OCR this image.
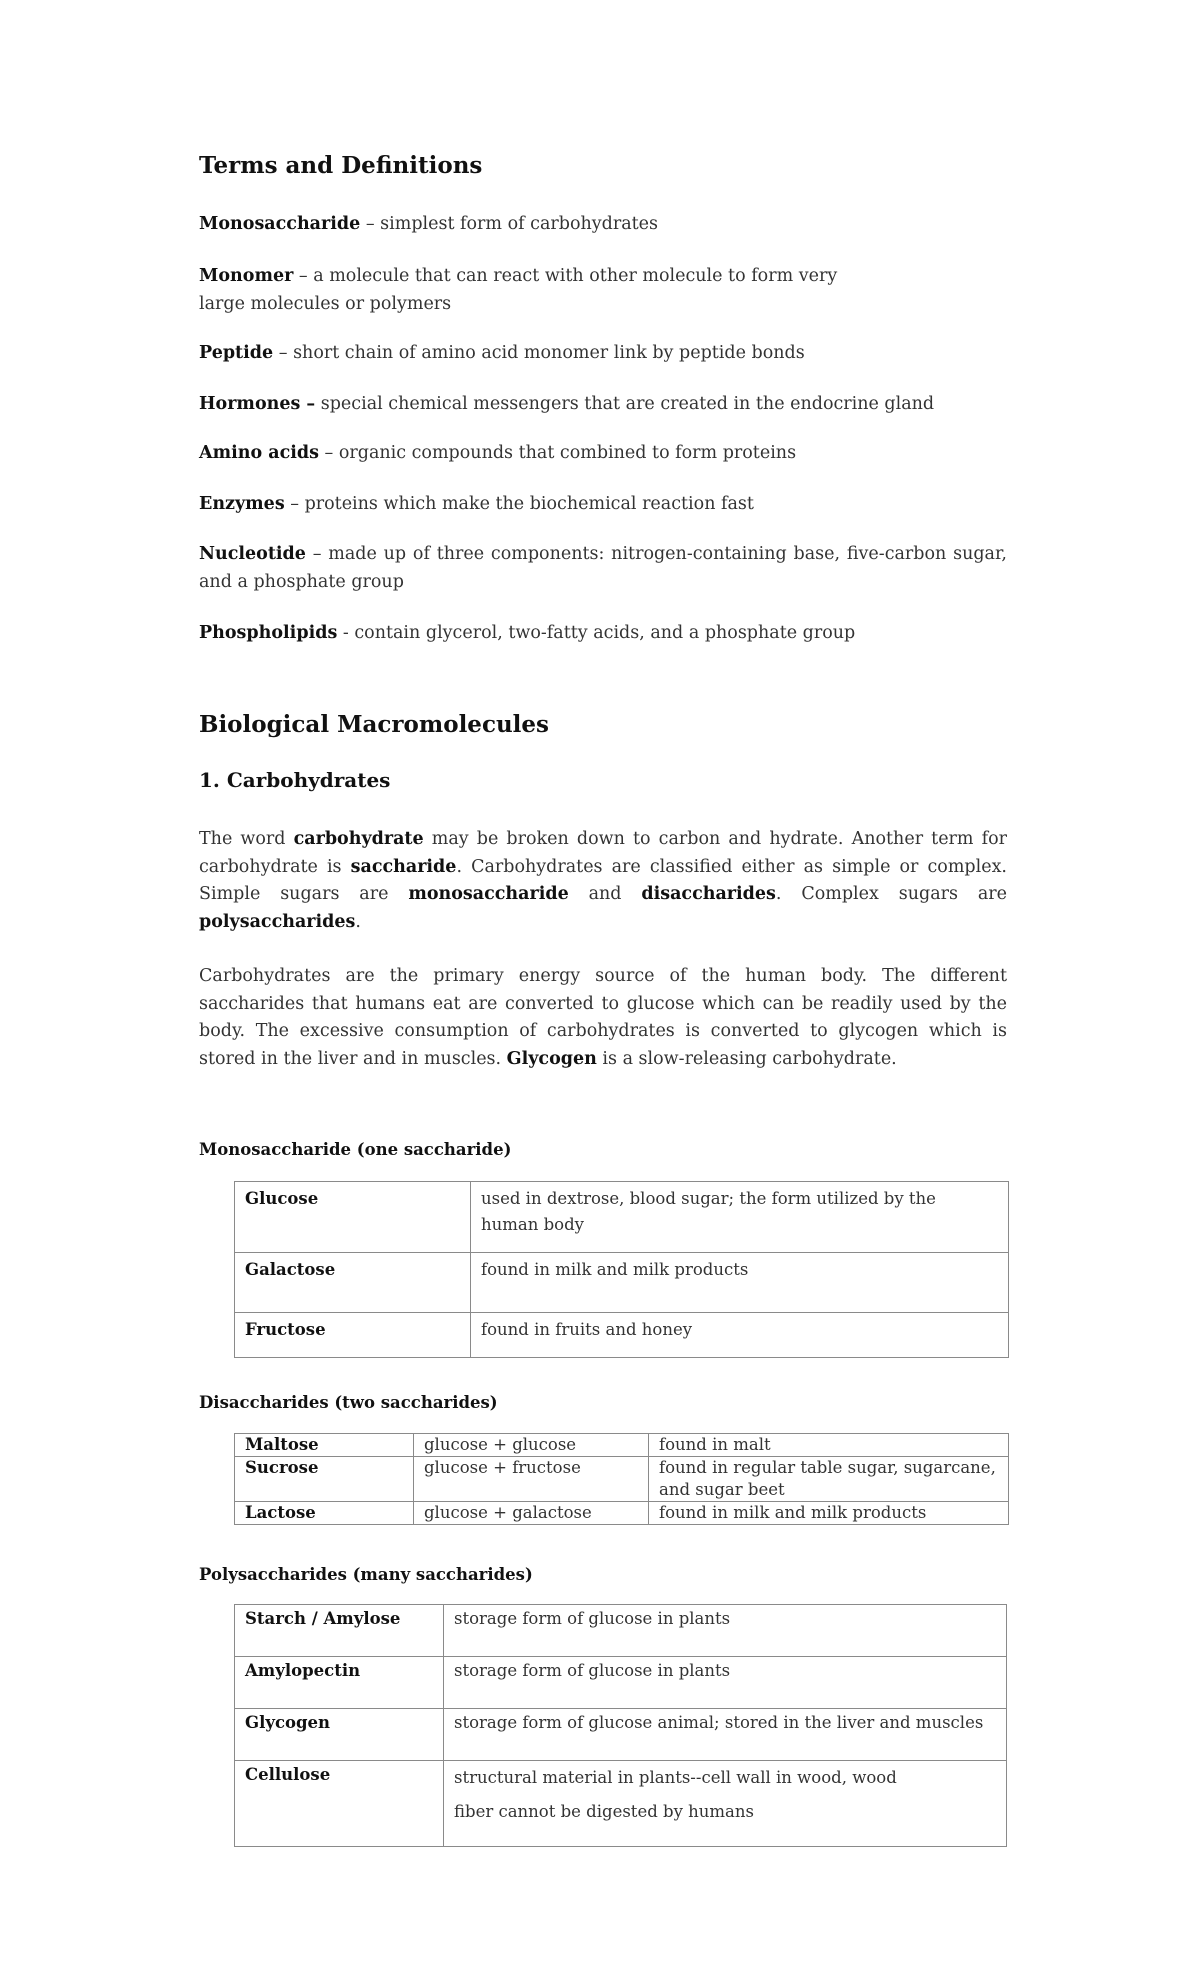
Terms and Definitions
Monosaccharide – simplest form of carbohydrates
Monomer – a molecule that can react with other molecule to form very
large molecules or polymers
Peptide – short chain of amino acid monomer link by peptide bonds
Hormones – special chemical messengers that are created in the endocrine gland
Amino acids – organic compounds that combined to form proteins
Enzymes – proteins which make the biochemical reaction fast
Nucleotide – made up of three components: nitrogen-containing base, five-carbon sugar, and a phosphate group
Phospholipids - contain glycerol, two-fatty acids, and a phosphate group
Biological Macromolecules
1. Carbohydrates
The word carbohydrate may be broken down to carbon and hydrate. Another term for carbohydrate is saccharide. Carbohydrates are classified either as simple or complex. Simple sugars are monosaccharide and disaccharides. Complex sugars are polysaccharides.
Carbohydrates are the primary energy source of the human body. The different saccharides that humans eat are converted to glucose which can be readily used by the body. The excessive consumption of carbohydrates is converted to glycogen which is stored in the liver and in muscles. Glycogen is a slow-releasing carbohydrate.
Monosaccharide (one saccharide)
Glucose	used in dextrose, blood sugar; the form utilized by the human body
Galactose	found in milk and milk products
Fructose	found in fruits and honey
Disaccharides (two saccharides)
Maltose	glucose + glucose	found in malt
Sucrose	glucose + fructose	found in regular table sugar, sugarcane, and sugar beet
Lactose	glucose + galactose	found in milk and milk products
Polysaccharides (many saccharides)
Starch / Amylose	storage form of glucose in plants
Amylopectin	storage form of glucose in plants
Glycogen	storage form of glucose animal; stored in the liver and muscles
Cellulose	structural material in plants--cell wall in wood, wood
fiber cannot be digested by humans
